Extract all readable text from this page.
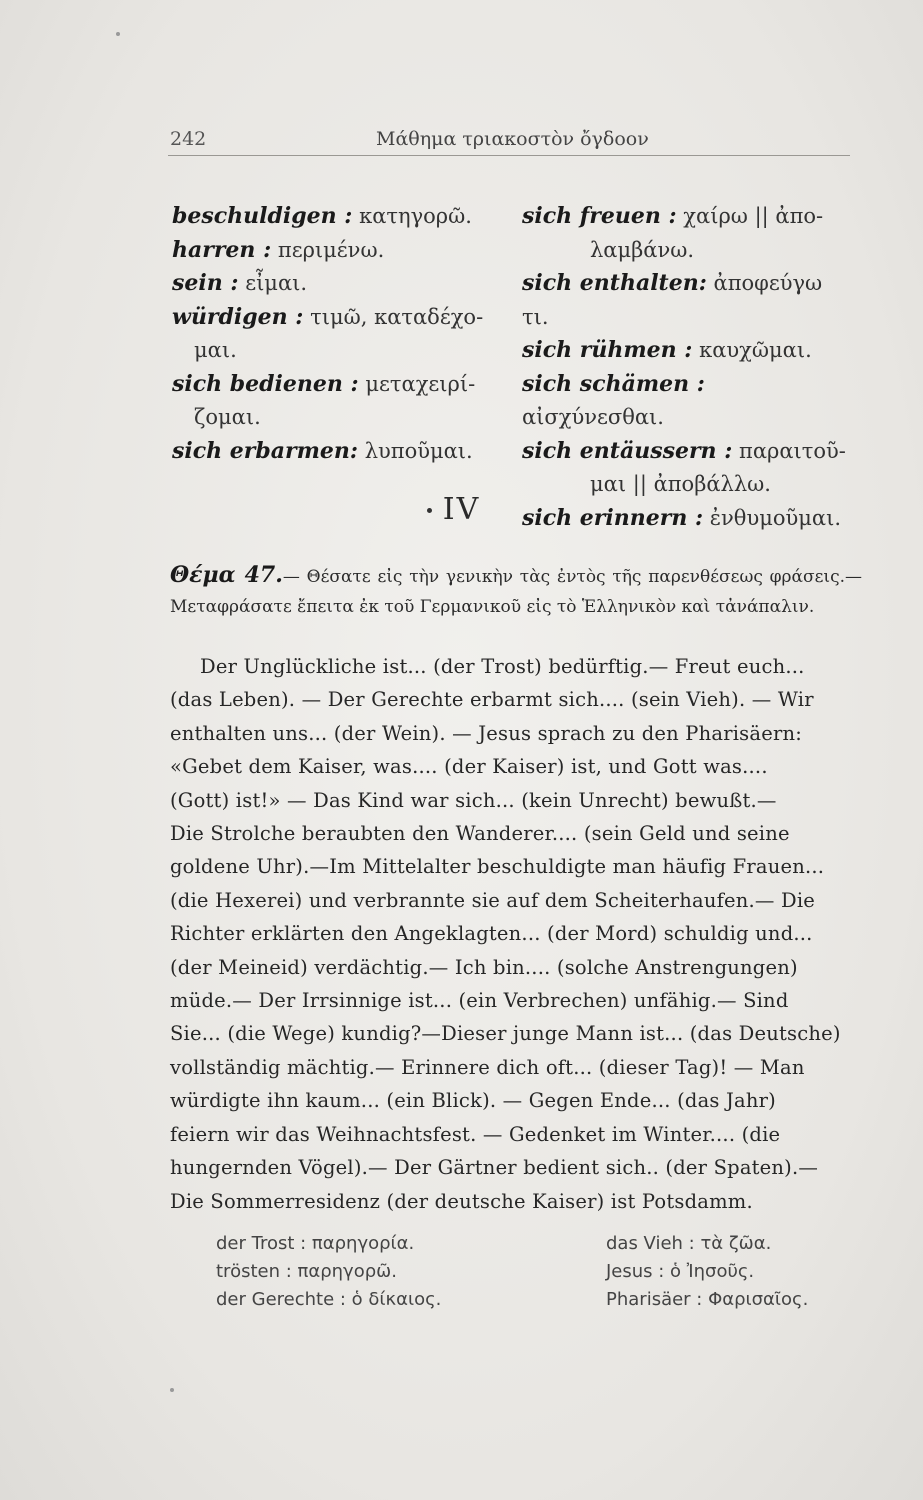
242	Μάθημα τριακοστὸν ὄγδοον
beschuldigen : κατηγορῶ.
harren : περιμένω.
sein : εἶμαι.
würdigen : τιμῶ, καταδέχο-
μαι.
sich bedienen : μεταχειρί-
ζομαι.
sich erbarmen: λυποῦμαι.
sich freuen : χαίρω || ἀπο-
λαμβάνω.
sich enthalten: ἀποφεύγω τι.
sich rühmen : καυχῶμαι.
sich schämen : αἰσχύνεσθαι.
sich entäussern : παραιτοῦ-
μαι || ἀποβάλλω.
sich erinnern : ἐνθυμοῦμαι.
IV
Θέμα 47.— Θέσατε εἰς τὴν γενικὴν τὰς ἐντὸς τῆς παρενθέσεως φράσεις.— Μεταφράσατε ἔπειτα ἐκ τοῦ Γερμανικοῦ εἰς τὸ Ἑλληνικὸν καὶ τἀνάπαλιν.
Der Unglückliche ist... (der Trost) bedürftig.— Freut euch...
(das Leben). — Der Gerechte erbarmt sich.... (sein Vieh). — Wir
enthalten uns... (der Wein). — Jesus sprach zu den Pharisäern:
«Gebet dem Kaiser, was.... (der Kaiser) ist, und Gott was....
(Gott) ist!» — Das Kind war sich... (kein Unrecht) bewußt.—
Die Strolche beraubten den Wanderer.... (sein Geld und seine
goldene Uhr).—Im Mittelalter beschuldigte man häufig Frauen...
(die Hexerei) und verbrannte sie auf dem Scheiterhaufen.— Die
Richter erklärten den Angeklagten... (der Mord) schuldig und...
(der Meineid) verdächtig.— Ich bin.... (solche Anstrengungen)
müde.— Der Irrsinnige ist... (ein Verbrechen) unfähig.— Sind
Sie... (die Wege) kundig?—Dieser junge Mann ist... (das Deutsche)
vollständig mächtig.— Erinnere dich oft... (dieser Tag)! — Man
würdigte ihn kaum... (ein Blick). — Gegen Ende... (das Jahr)
feiern wir das Weihnachtsfest. — Gedenket im Winter.... (die
hungernden Vögel).— Der Gärtner bedient sich.. (der Spaten).—
Die Sommerresidenz (der deutsche Kaiser) ist Potsdamm.
der Trost : παρηγορία.
trösten : παρηγορῶ.
der Gerechte : ὁ δίκαιος.
das Vieh : τὰ ζῶα.
Jesus : ὁ Ἰησοῦς.
Pharisäer : Φαρισαῖος.
